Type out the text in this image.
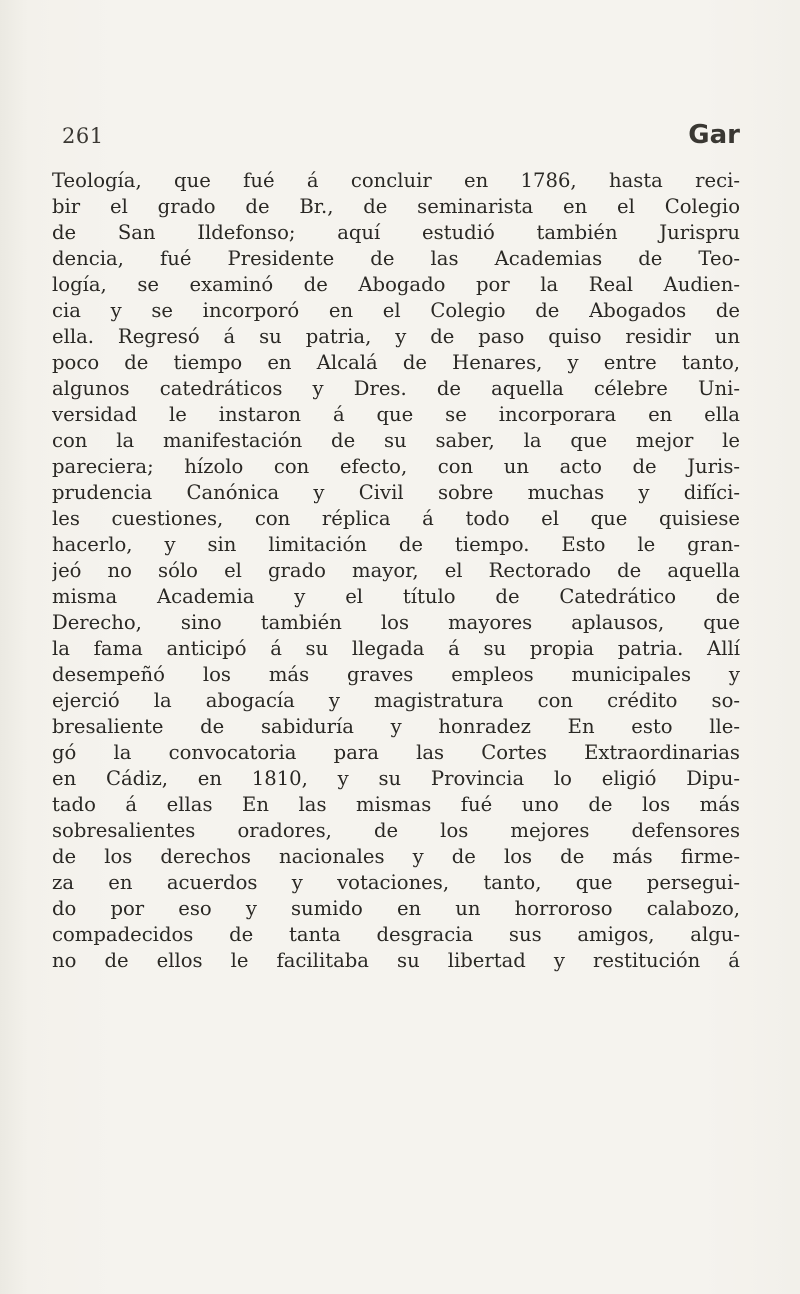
261	Gar
Teología, que fué á concluir en 1786, hasta reci-
bir el grado de Br., de seminarista en el Colegio
de San Ildefonso; aquí estudió también Jurispru
dencia, fué Presidente de las Academias de Teo-
logía, se examinó de Abogado por la Real Audien-
cia y se incorporó en el Colegio de Abogados de
ella. Regresó á su patria, y de paso quiso residir un
poco de tiempo en Alcalá de Henares, y entre tanto,
algunos catedráticos y Dres. de aquella célebre Uni-
versidad le instaron á que se incorporara en ella
con la manifestación de su saber, la que mejor le
pareciera; hízolo con efecto, con un acto de Juris-
prudencia Canónica y Civil sobre muchas y difíci-
les cuestiones, con réplica á todo el que quisiese
hacerlo, y sin limitación de tiempo. Esto le gran-
jeó no sólo el grado mayor, el Rectorado de aquella
misma Academia y el título de Catedrático de
Derecho, sino también los mayores aplausos, que
la fama anticipó á su llegada á su propia patria. Allí
desempeñó los más graves empleos municipales y
ejerció la abogacía y magistratura con crédito so-
bresaliente de sabiduría y honradez En esto lle-
gó la convocatoria para las Cortes Extraordinarias
en Cádiz, en 1810, y su Provincia lo eligió Dipu-
tado á ellas En las mismas fué uno de los más
sobresalientes oradores, de los mejores defensores
de los derechos nacionales y de los de más firme-
za en acuerdos y votaciones, tanto, que persegui-
do por eso y sumido en un horroroso calabozo,
compadecidos de tanta desgracia sus amigos, algu-
no de ellos le facilitaba su libertad y restitución á
